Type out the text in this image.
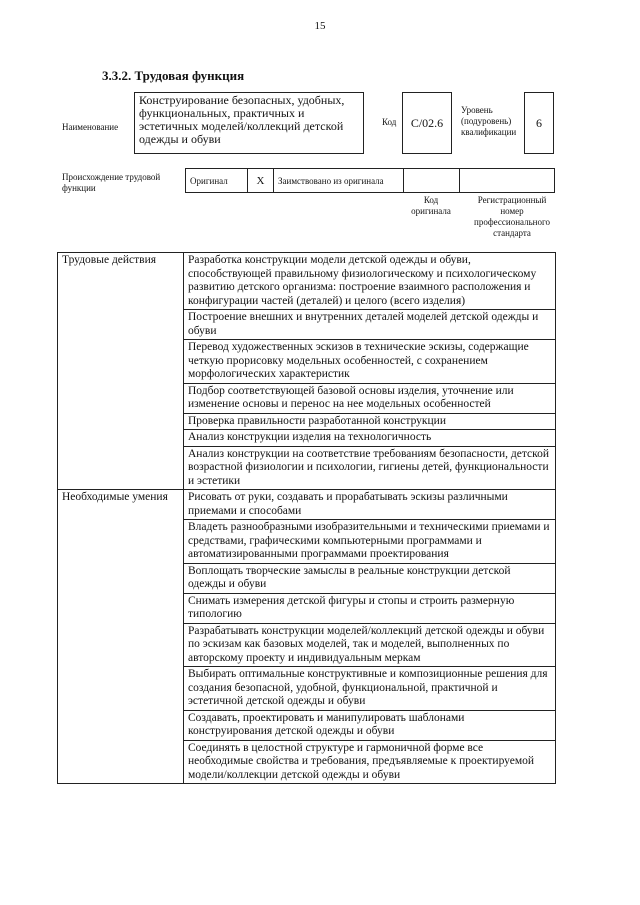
15
3.3.2. Трудовая функция
Наименование
Конструирование безопасных, удобных, функциональных, практичных и эстетичных моделей/коллекций детской одежды и обуви
Код	C/02.6
Уровень (подуровень) квалификации
6
Происхождение трудовой функции
Оригинал	X	Заимствовано из оригинала
Код оригинала
Регистрационный номер профессионального стандарта
Трудовые действия	Разработка конструкции модели детской одежды и обуви, способствующей правильному физиологическому и психологическому развитию детского организма: построение взаимного расположения и конфигурации частей (деталей) и целого (всего изделия)
	Построение внешних и внутренних деталей моделей детской одежды и обуви
	Перевод художественных эскизов в технические эскизы, содержащие четкую прорисовку модельных особенностей, с сохранением морфологических характеристик
	Подбор соответствующей базовой основы изделия, уточнение или изменение основы и перенос на нее модельных особенностей
	Проверка правильности разработанной конструкции
	Анализ конструкции изделия на технологичность
	Анализ конструкции на соответствие требованиям безопасности, детской возрастной физиологии и психологии, гигиены детей, функциональности и эстетики
Необходимые умения	Рисовать от руки, создавать и прорабатывать эскизы различными приемами и способами
	Владеть разнообразными изобразительными и техническими приемами и средствами, графическими компьютерными программами и автоматизированными программами проектирования
	Воплощать творческие замыслы в реальные конструкции детской одежды и обуви
	Снимать измерения детской фигуры и стопы и строить размерную типологию
	Разрабатывать конструкции моделей/коллекций детской одежды и обуви по эскизам как базовых моделей, так и моделей, выполненных по авторскому проекту и индивидуальным меркам
	Выбирать оптимальные конструктивные и композиционные решения для создания безопасной, удобной, функциональной, практичной и эстетичной детской одежды и обуви
	Создавать, проектировать и манипулировать шаблонами конструирования детской одежды и обуви
	Соединять в целостной структуре и гармоничной форме все необходимые свойства и требования, предъявляемые к проектируемой модели/коллекции детской одежды и обуви
